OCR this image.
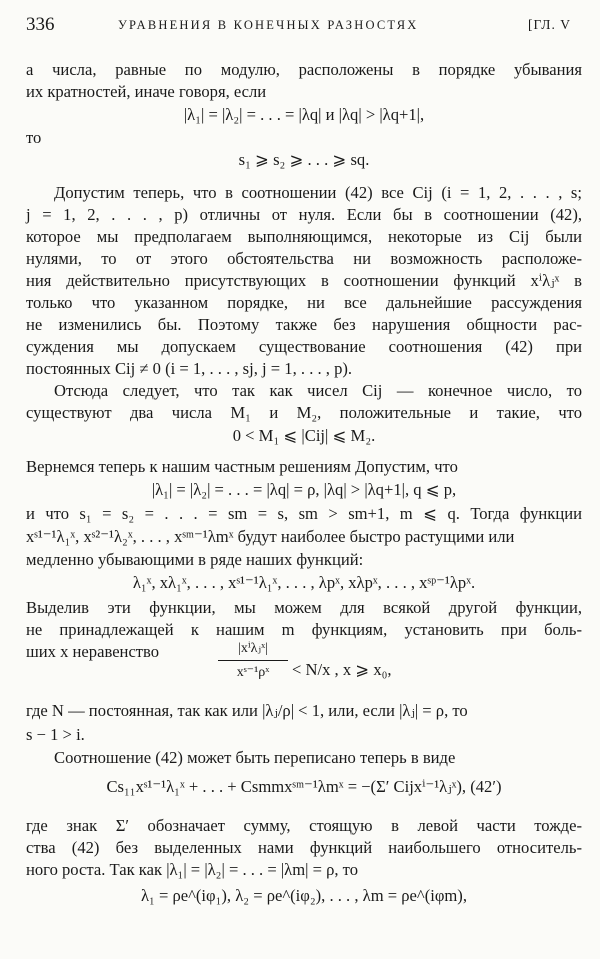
336	УРАВНЕНИЯ В КОНЕЧНЫХ РАЗНОСТЯХ	[ГЛ. V
а числа, равные по модулю, расположены в порядке убывания
их кратностей, иначе говоря, если
|λ₁| = |λ₂| = . . . = |λq| и |λq| > |λq+1|,
то
s₁ ⩾ s₂ ⩾ . . . ⩾ sq.
Допустим теперь, что в соотношении (42) все Cij (i = 1, 2, . . . , s;
j = 1, 2, . . . , p) отличны от нуля. Если бы в соотношении (42),
которое мы предполагаем выполняющимся, некоторые из Cij были
нулями, то от этого обстоятельства ни возможность расположе-
ния действительно присутствующих в соотношении функций xⁱλⱼˣ в
только что указанном порядке, ни все дальнейшие рассуждения
не изменились бы. Поэтому также без нарушения общности рас-
суждения мы допускаем существование соотношения (42) при
постоянных Cij ≠ 0 (i = 1, . . . , sj, j = 1, . . . , p).
Отсюда следует, что так как чисел Cij — конечное число, то
существуют два числа M₁ и M₂, положительные и такие, что
0 < M₁ ⩽ |Cij| ⩽ M₂.
Вернемся теперь к нашим частным решениям Допустим, что
|λ₁| = |λ₂| = . . . = |λq| = ρ, |λq| > |λq+1|, q ⩽ p,
и что s₁ = s₂ = . . . = sm = s, sm > sm+1, m ⩽ q. Тогда функции
xˢ¹⁻¹λ₁ˣ, xˢ²⁻¹λ₂ˣ, . . . , xˢᵐ⁻¹λmˣ будут наиболее быстро растущими или
медленно убывающими в ряде наших функций:
λ₁ˣ, xλ₁ˣ, . . . , xˢ¹⁻¹λ₁ˣ, . . . , λpˣ, xλpˣ, . . . , xˢᵖ⁻¹λpˣ.
Выделив эти функции, мы можем для всякой другой функции,
не принадлежащей к нашим m функциям, установить при боль-
ших x неравенство	|xⁱλⱼˣ|
xˢ⁻¹ρˣ	< N/x , x ⩾ x₀,
где N — постоянная, так как или |λⱼ/ρ| < 1, или, если |λⱼ| = ρ, то
s − 1 > i.
Соотношение (42) может быть переписано теперь в виде
Cs₁₁xˢ¹⁻¹λ₁ˣ + . . . + Csmmxˢᵐ⁻¹λmˣ = −(Σ′ Cijxⁱ⁻¹λⱼˣ), (42′)
где знак Σ′ обозначает сумму, стоящую в левой части тожде-
ства (42) без выделенных нами функций наибольшего относитель-
ного роста. Так как |λ₁| = |λ₂| = . . . = |λm| = ρ, то
λ₁ = ρe^(iφ₁), λ₂ = ρe^(iφ₂), . . . , λm = ρe^(iφm),
